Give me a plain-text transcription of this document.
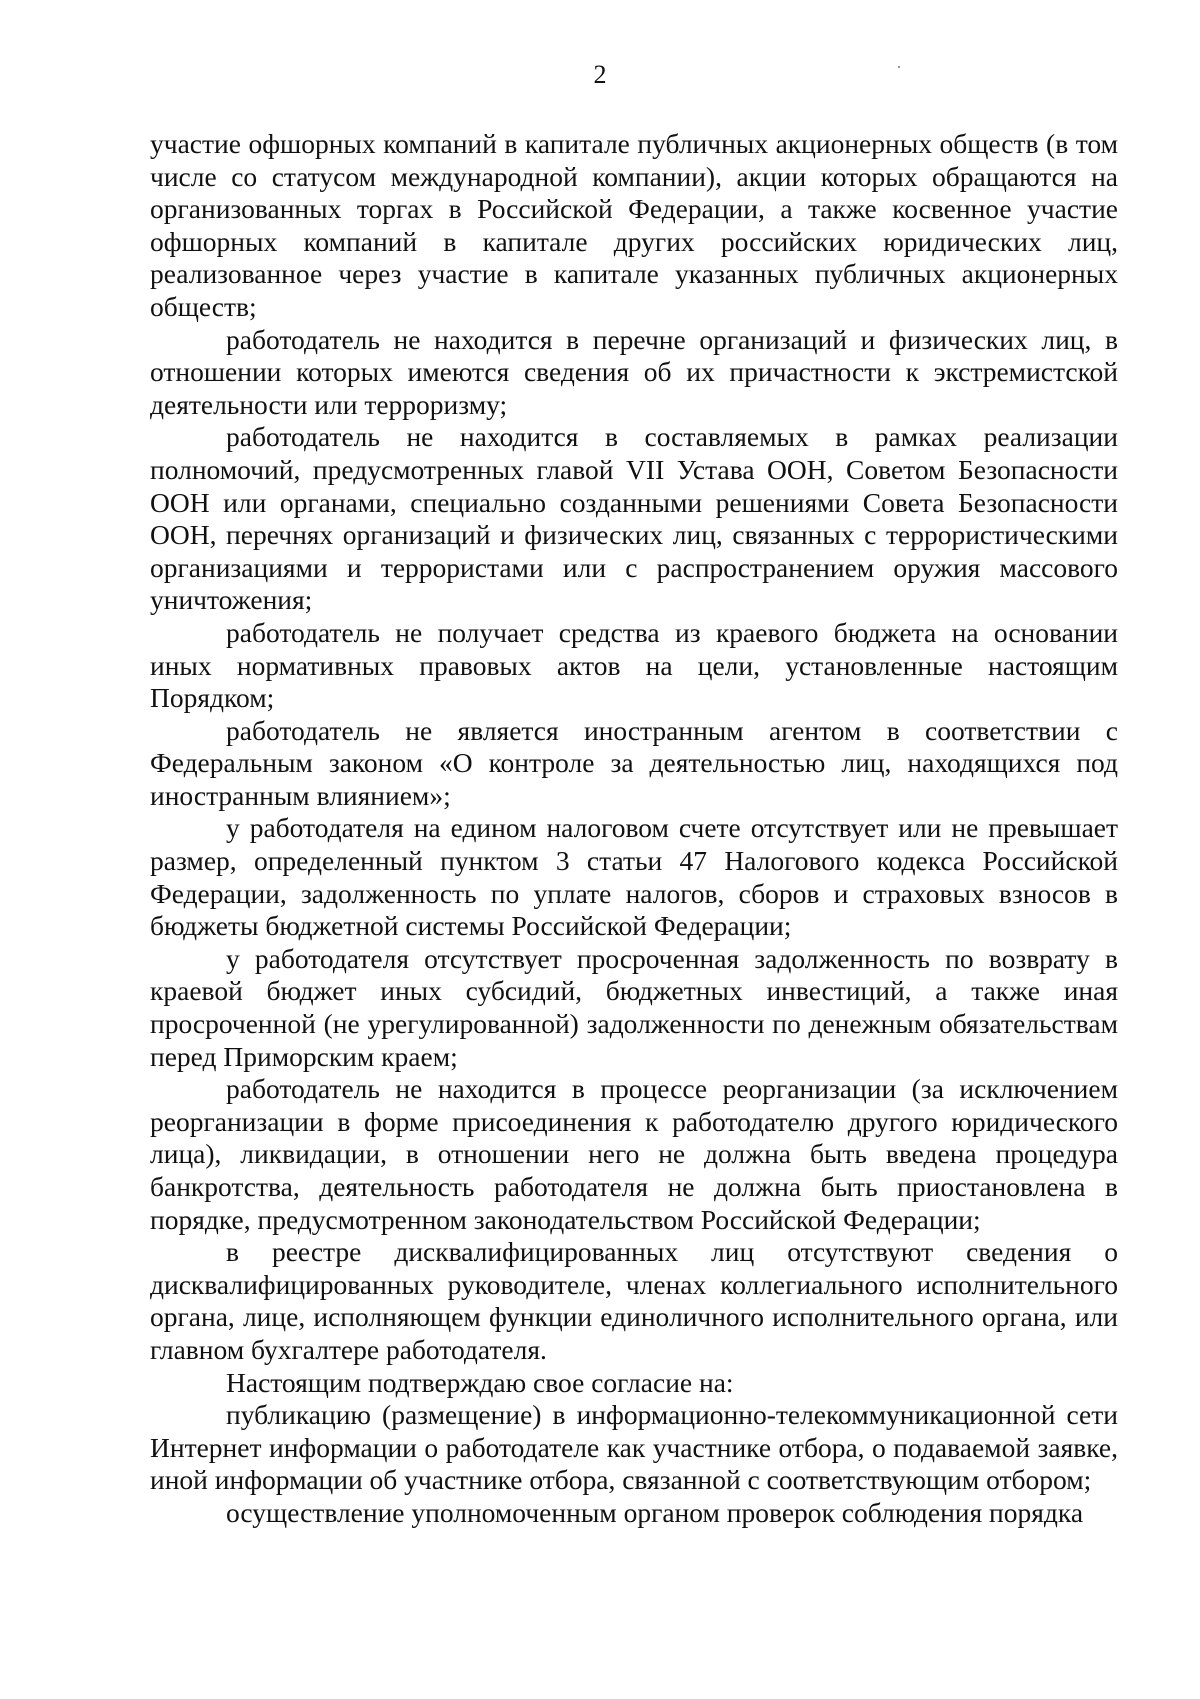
2

участие офшорных компаний в капитале публичных акционерных обществ (в том числе со статусом международной компании), акции которых обращаются на организованных торгах в Российской Федерации, а также косвенное участие офшорных компаний в капитале других российских юридических лиц, реализованное через участие в капитале указанных публичных акционерных обществ;

работодатель не находится в перечне организаций и физических лиц, в отношении которых имеются сведения об их причастности к экстремистской деятельности или терроризму;

работодатель не находится в составляемых в рамках реализации полномочий, предусмотренных главой VII Устава ООН, Советом Безопасности ООН или органами, специально созданными решениями Совета Безопасности ООН, перечнях организаций и физических лиц, связанных с террористическими организациями и террористами или с распространением оружия массового уничтожения;

работодатель не получает средства из краевого бюджета на основании иных нормативных правовых актов на цели, установленные настоящим Порядком;

работодатель не является иностранным агентом в соответствии с Федеральным законом «О контроле за деятельностью лиц, находящихся под иностранным влиянием»;

у работодателя на едином налоговом счете отсутствует или не превышает размер, определенный пунктом 3 статьи 47 Налогового кодекса Российской Федерации, задолженность по уплате налогов, сборов и страховых взносов в бюджеты бюджетной системы Российской Федерации;

у работодателя отсутствует просроченная задолженность по возврату в краевой бюджет иных субсидий, бюджетных инвестиций, а также иная просроченной (не урегулированной) задолженности по денежным обязательствам перед Приморским краем;

работодатель не находится в процессе реорганизации (за исключением реорганизации в форме присоединения к работодателю другого юридического лица), ликвидации, в отношении него не должна быть введена процедура банкротства, деятельность работодателя не должна быть приостановлена в порядке, предусмотренном законодательством Российской Федерации;

в реестре дисквалифицированных лиц отсутствуют сведения о дисквалифицированных руководителе, членах коллегиального исполнительного органа, лице, исполняющем функции единоличного исполнительного органа, или главном бухгалтере работодателя.

Настоящим подтверждаю свое согласие на:

публикацию (размещение) в информационно-телекоммуникационной сети Интернет информации о работодателе как участнике отбора, о подаваемой заявке, иной информации об участнике отбора, связанной с соответствующим отбором;

осуществление уполномоченным органом проверок соблюдения порядка
